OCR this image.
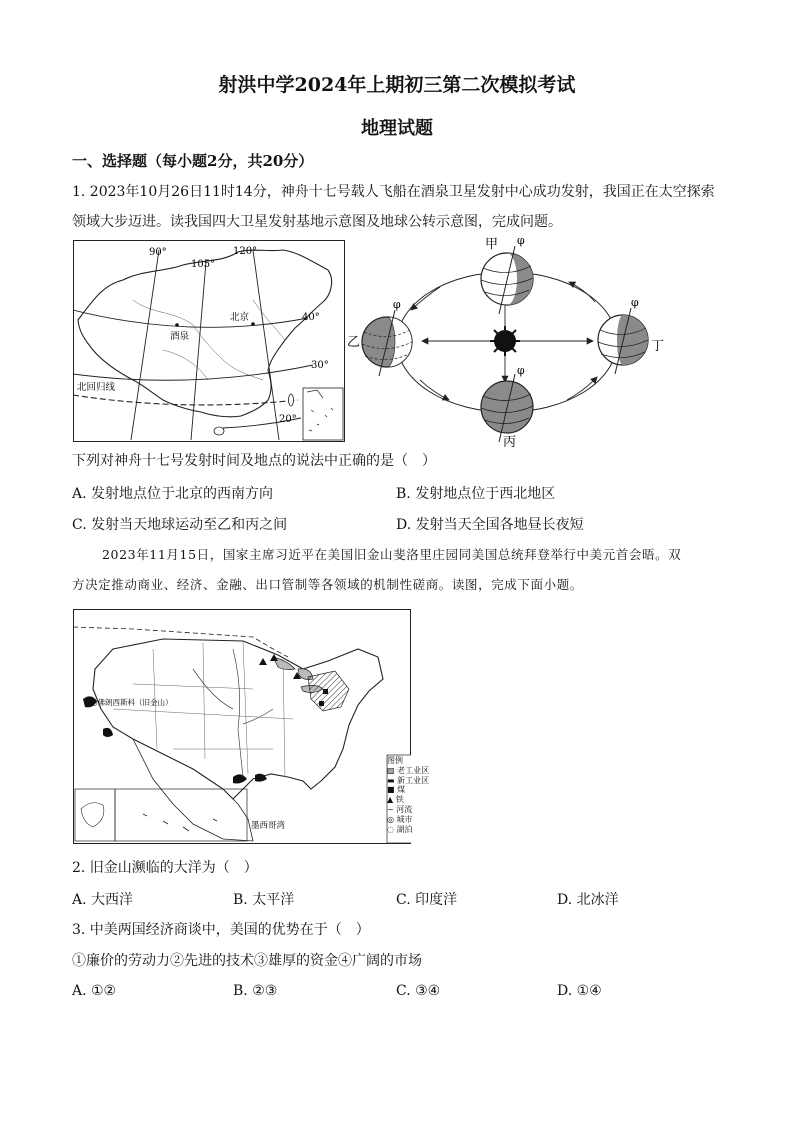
射洪中学2024年上期初三第二次模拟考试
地理试题
一、选择题（每小题2分，共20分）
1. 2023年10月26日11时14分，神舟十七号载人飞船在酒泉卫星发射中心成功发射，我国正在太空探索
领域大步迈进。读我国四大卫星发射基地示意图及地球公转示意图，完成问题。
90°
105°
120°
40°
30°
20°
北京
酒泉
北回归线
φ
甲
φ
乙
φ
丙
φ
丁
下列对神舟十七号发射时间及地点的说法中正确的是（　）
A. 发射地点位于北京的西南方向	B. 发射地点位于西北地区
C. 发射当天地球运动至乙和丙之间	D. 发射当天全国各地昼长夜短
2023年11月15日，国家主席习近平在美国旧金山斐洛里庄园同美国总统拜登举行中美元首会晤。双
方决定推动商业、经济、金融、出口管制等各领域的机制性磋商。读图，完成下面小题。
○佛朗西斯科（旧金山）
墨西哥湾
图例
▨ 老工业区
▬ 新工业区
■ 煤
▲ 铁
~ 河流
◎ 城市
◌ 湖泊
2. 旧金山濒临的大洋为（　）
A. 大西洋	B. 太平洋	C. 印度洋	D. 北冰洋
3. 中美两国经济商谈中，美国的优势在于（　）
①廉价的劳动力②先进的技术③雄厚的资金④广阔的市场
A. ①②	B. ②③	C. ③④	D. ①④
